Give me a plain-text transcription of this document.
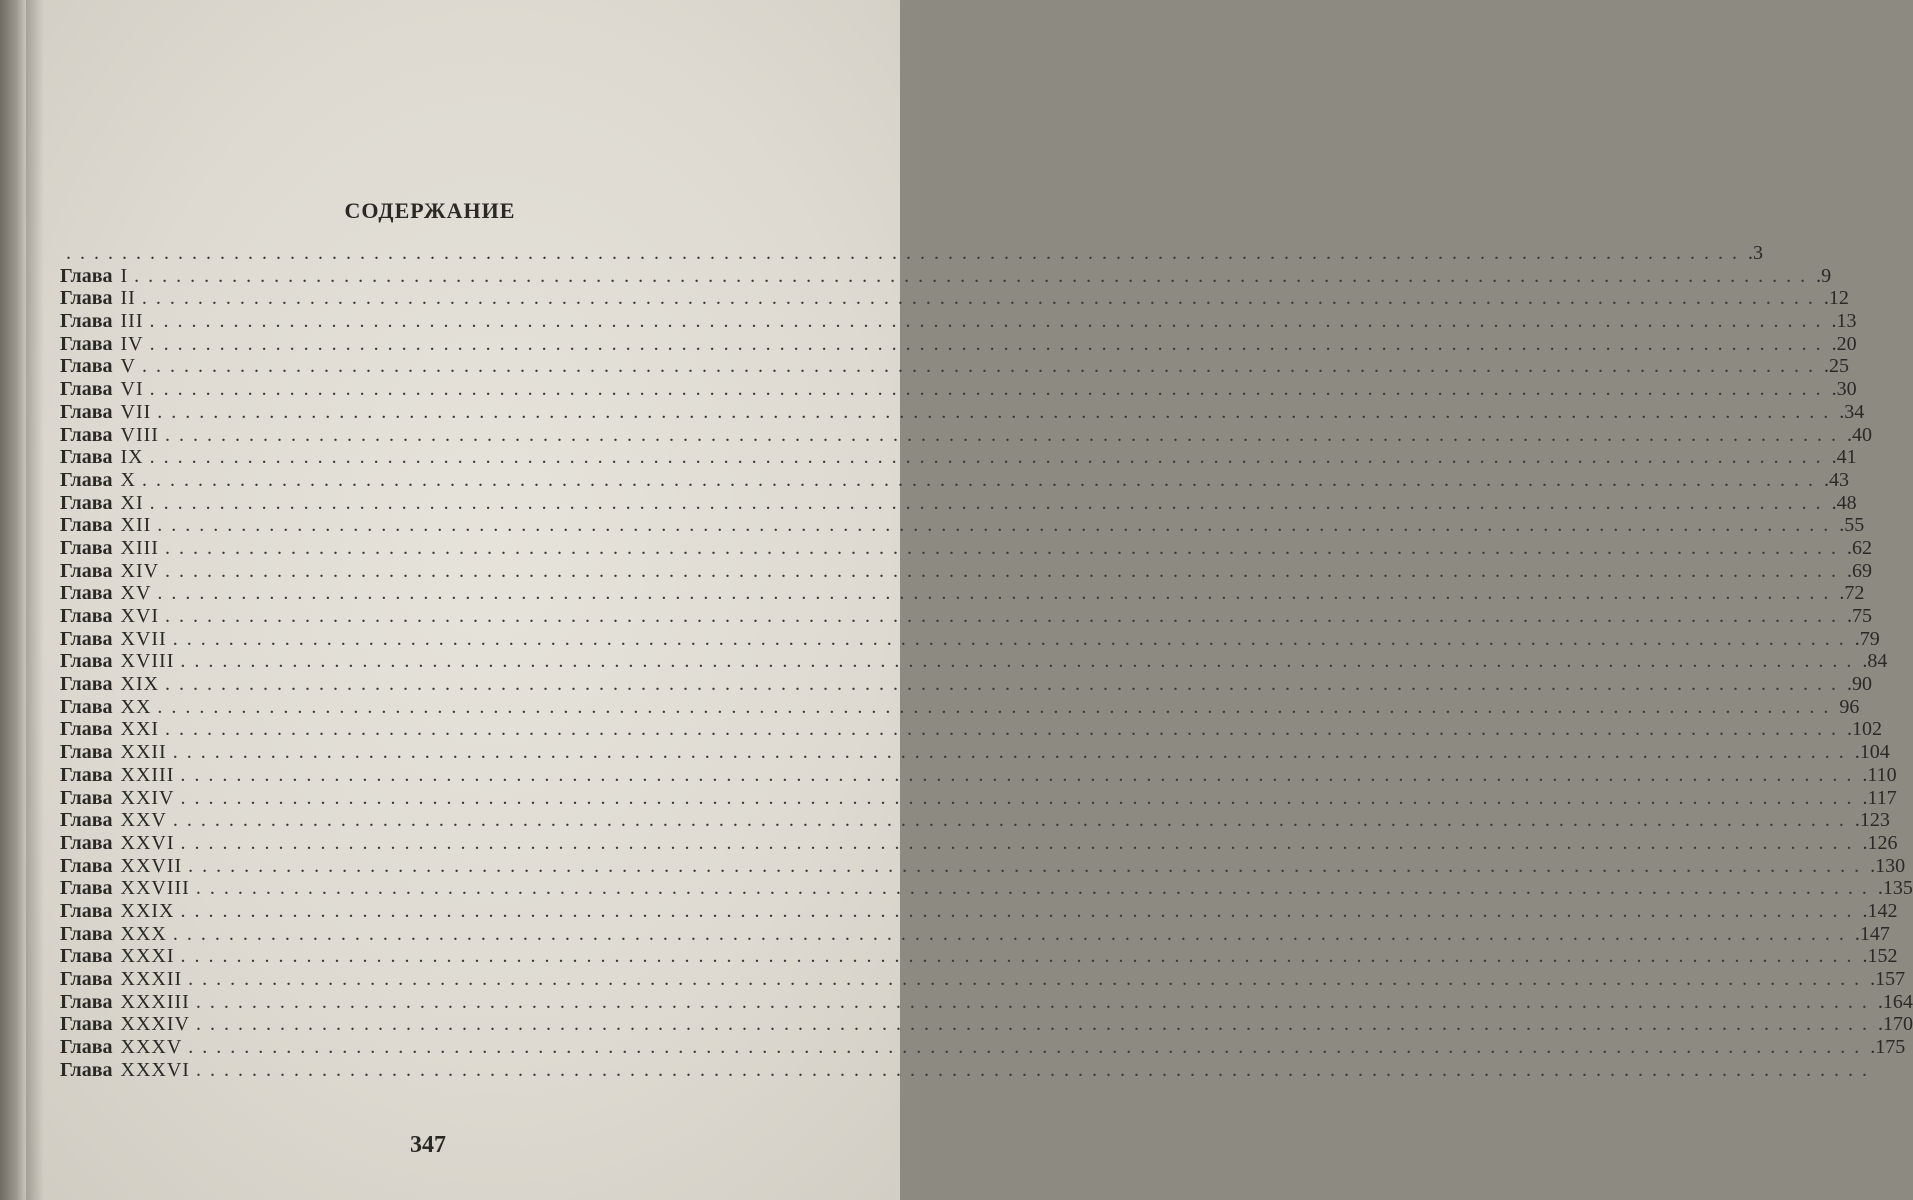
СОДЕРЖАНИЕ
........................................................................................................................ .3
Глава I ........................................................................................................................ .9
Глава II ........................................................................................................................ .12
Глава III ........................................................................................................................ .13
Глава IV ........................................................................................................................ .20
Глава V ........................................................................................................................ .25
Глава VI ........................................................................................................................ .30
Глава VII ........................................................................................................................ .34
Глава VIII ........................................................................................................................ .40
Глава IX ........................................................................................................................ .41
Глава X ........................................................................................................................ .43
Глава XI ........................................................................................................................ .48
Глава XII ........................................................................................................................ .55
Глава XIII ........................................................................................................................ .62
Глава XIV ........................................................................................................................ .69
Глава XV ........................................................................................................................ .72
Глава XVI ........................................................................................................................ .75
Глава XVII ........................................................................................................................ .79
Глава XVIII ........................................................................................................................ .84
Глава XIX ........................................................................................................................ .90
Глава XX ........................................................................................................................ 96
Глава XXI ........................................................................................................................ .102
Глава XXII ........................................................................................................................ .104
Глава XXIII ........................................................................................................................ .110
Глава XXIV ........................................................................................................................ .117
Глава XXV ........................................................................................................................ .123
Глава XXVI ........................................................................................................................ .126
Глава XXVII ........................................................................................................................ .130
Глава XXVIII ........................................................................................................................ .135
Глава XXIX ........................................................................................................................ .142
Глава XXX ........................................................................................................................ .147
Глава XXXI ........................................................................................................................ .152
Глава XXXII ........................................................................................................................ .157
Глава XXXIII ........................................................................................................................ .164
Глава XXXIV ........................................................................................................................ .170
Глава XXXV ........................................................................................................................ .175
Глава XXXVI ........................................................................................................................
347
